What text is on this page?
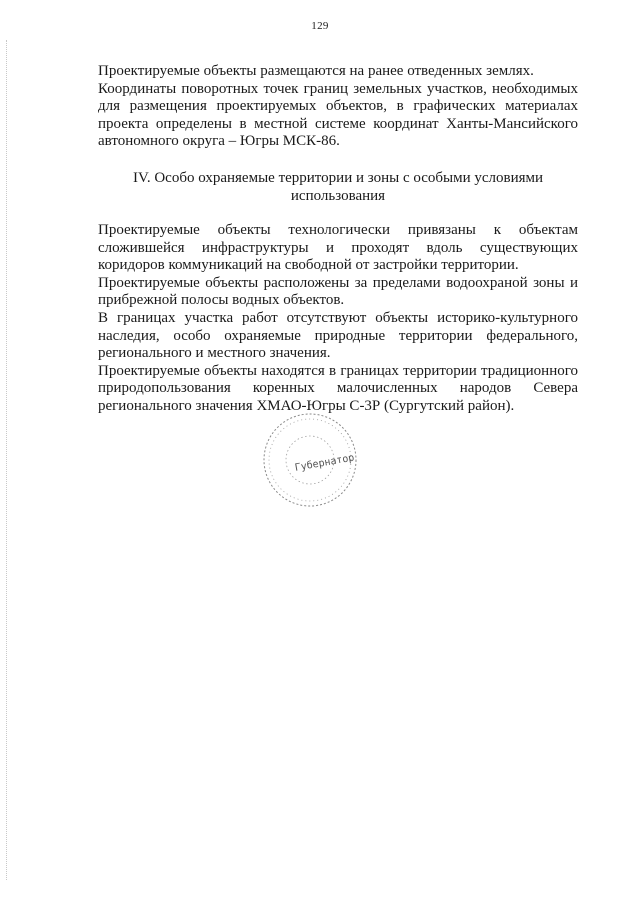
129

Проектируемые объекты размещаются на ранее отведенных землях.

Координаты поворотных точек границ земельных участков, необходимых для размещения проектируемых объектов, в графических материалах проекта определены в местной системе координат Ханты-Мансийского автономного округа – Югры МСК-86.

IV. Особо охраняемые территории и зоны с особыми условиями использования

Проектируемые объекты технологически привязаны к объектам сложившейся инфраструктуры и проходят вдоль существующих коридоров коммуникаций на свободной от застройки территории.

Проектируемые объекты расположены за пределами водоохраной зоны и прибрежной полосы водных объектов.

В границах участка работ отсутствуют объекты историко-культурного наследия, особо охраняемые природные территории федерального, регионального и местного значения.

Проектируемые объекты находятся в границах территории традиционного природопользования коренных малочисленных народов Севера регионального значения ХМАО-Югры С-3Р (Сургутский район).

Губернатор
